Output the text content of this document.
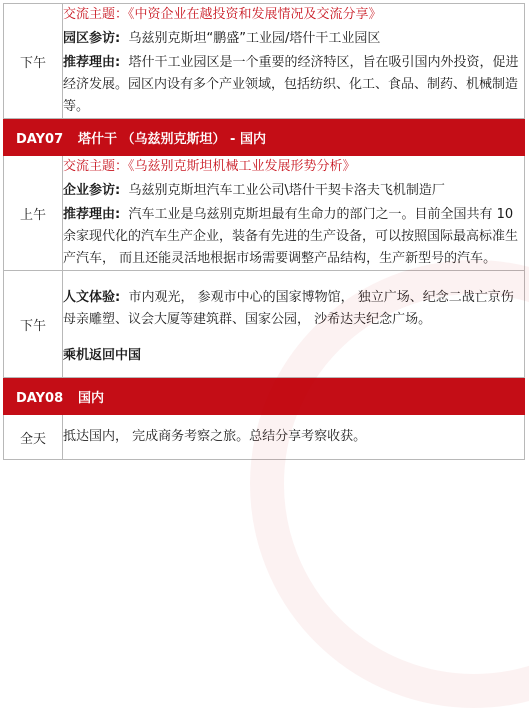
下午	交流主题：《中资企业在越投资和发展情况及交流分享》

园区参访: 乌兹别克斯坦“鹏盛”工业园/塔什干工业园区

推荐理由: 塔什干工业园区是一个重要的经济特区，旨在吸引国内外投资，促进经济发展。园区内设有多个产业领域，包括纺织、化工、食品、制药、机械制造等。

DAY07 塔什干 （乌兹别克斯坦） - 国内	
上午	交流主题：《乌兹别克斯坦机械工业发展形势分析》

企业参访: 乌兹别克斯坦汽车工业公司\塔什干契卡洛夫飞机制造厂

推荐理由: 汽车工业是乌兹别克斯坦最有生命力的部门之一。目前全国共有 10 余家现代化的汽车生产企业，装备有先进的生产设备，可以按照国际最高标准生产汽车， 而且还能灵活地根据市场需要调整产品结构，生产新型号的汽车。

下午	人文体验: 市内观光， 参观市中心的国家博物馆， 独立广场、纪念二战亡京伤母亲雕塑、议会大厦等建筑群、国家公园， 沙希达夫纪念广场。

乘机返回中国

DAY08 国内	
全天	抵达国内， 完成商务考察之旅。总结分享考察收获。
